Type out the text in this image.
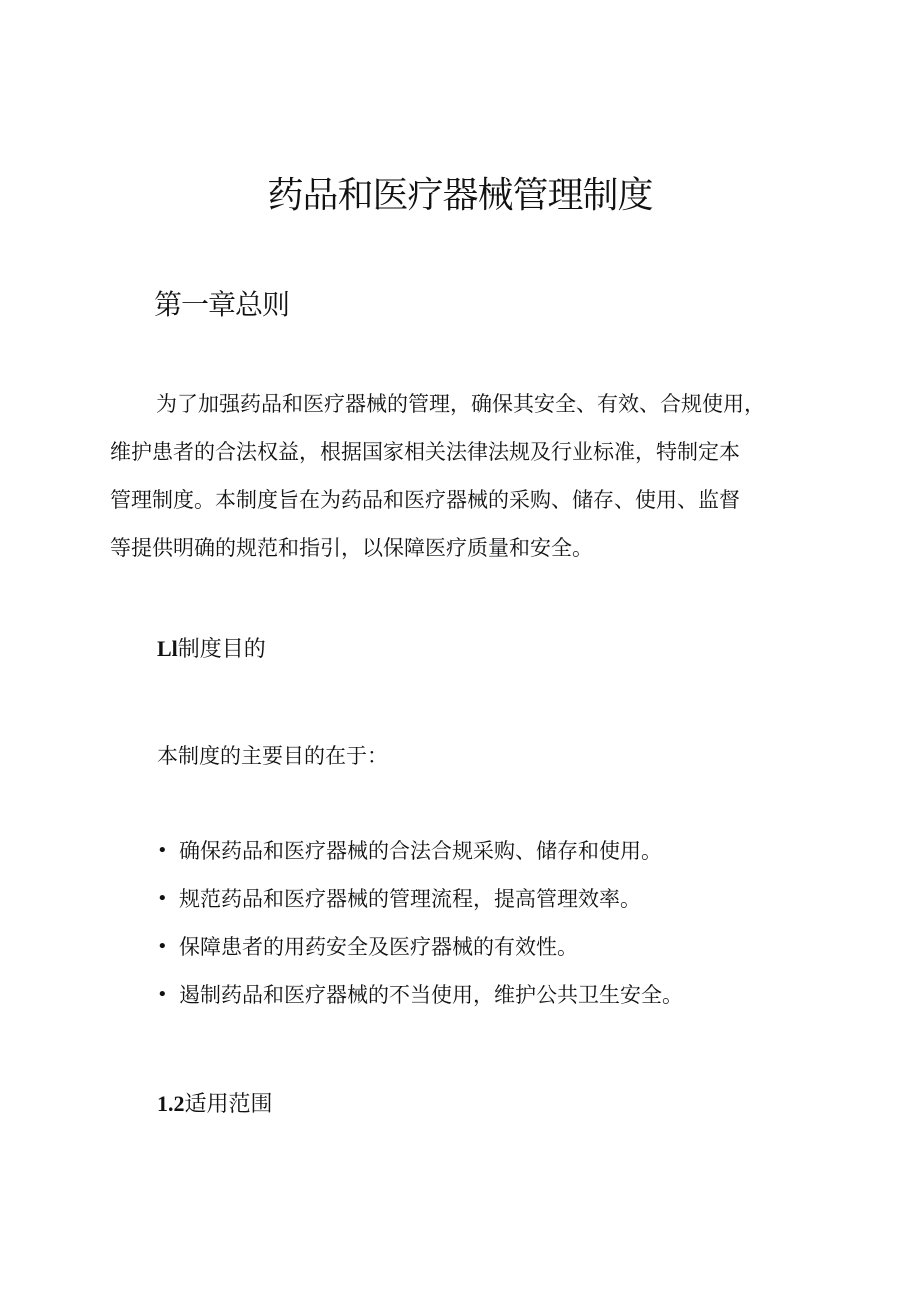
药品和医疗器械管理制度
第一章总则

为了加强药品和医疗器械的管理，确保其安全、有效、合规使用，
维护患者的合法权益，根据国家相关法律法规及行业标准，特制定本
管理制度。本制度旨在为药品和医疗器械的采购、储存、使用、监督
等提供明确的规范和指引，以保障医疗质量和安全。

Ll制度目的

本制度的主要目的在于：

• 确保药品和医疗器械的合法合规采购、储存和使用。
• 规范药品和医疗器械的管理流程，提高管理效率。
• 保障患者的用药安全及医疗器械的有效性。
• 遏制药品和医疗器械的不当使用，维护公共卫生安全。
1.2适用范围
